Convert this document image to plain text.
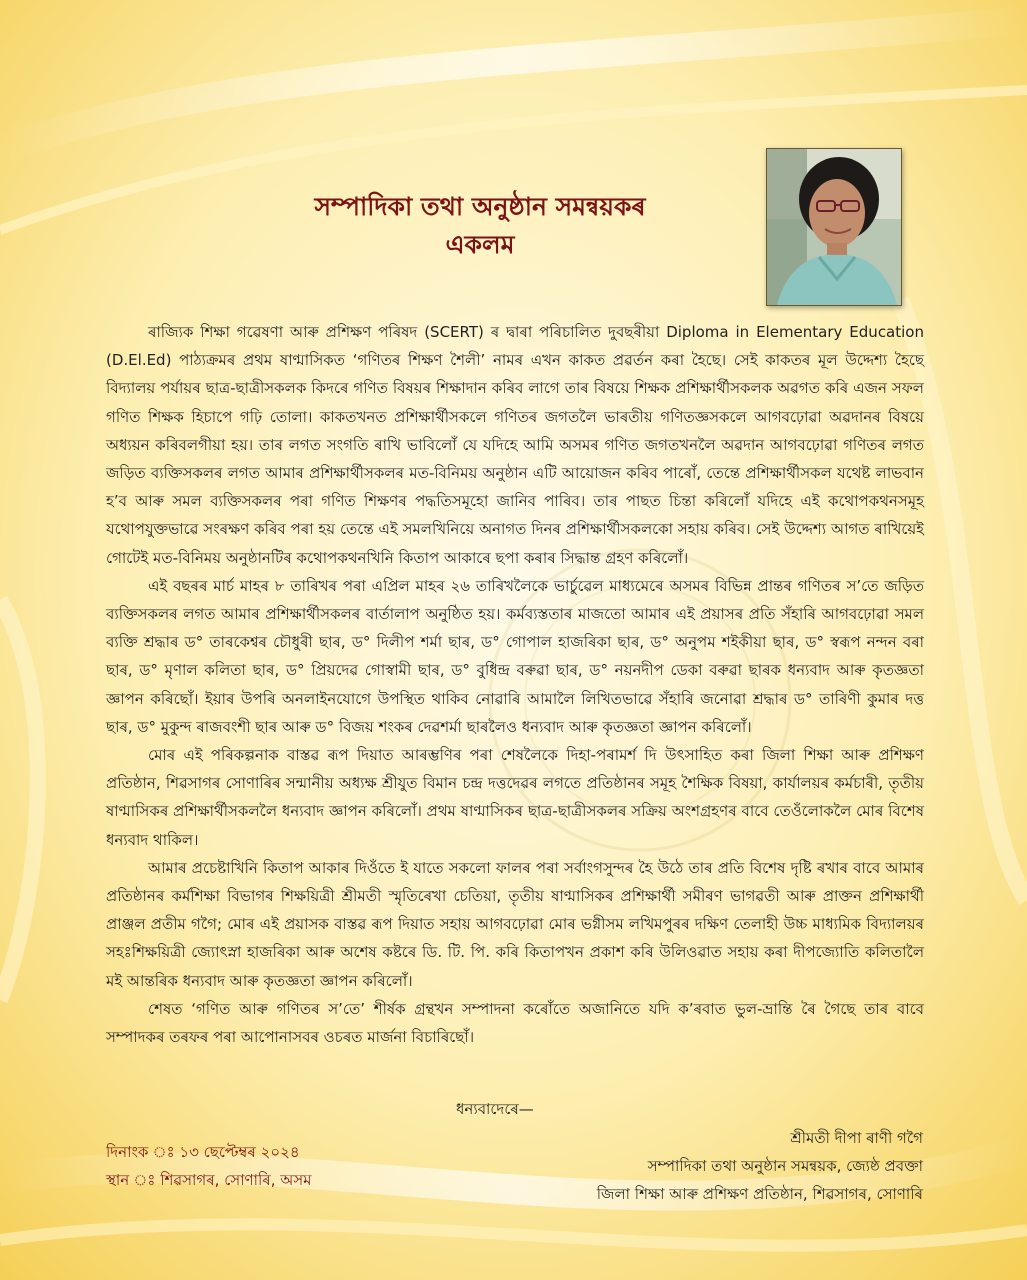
সম্পাদিকা তথা অনুষ্ঠান সমন্বয়কৰ
একলম

ৰাজ্যিক শিক্ষা গৱেষণা আৰু প্ৰশিক্ষণ পৰিষদ (SCERT) ৰ দ্বাৰা পৰিচালিত দুবছৰীয়া Diploma in Elementary Education (D.El.Ed) পাঠ্যক্ৰমৰ প্ৰথম ষাণ্মাসিকত ‘গণিতৰ শিক্ষণ শৈলী’ নামৰ এখন কাকত প্ৰৱৰ্তন কৰা হৈছে। সেই কাকতৰ মূল উদ্দেশ্য হৈছে বিদ্যালয় পৰ্যায়ৰ ছাত্ৰ-ছাত্ৰীসকলক কিদৰে গণিত বিষয়ৰ শিক্ষাদান কৰিব লাগে তাৰ বিষয়ে শিক্ষক প্ৰশিক্ষাৰ্থীসকলক অৱগত কৰি এজন সফল গণিত শিক্ষক হিচাপে গঢ়ি তোলা। কাকতখনত প্ৰশিক্ষাৰ্থীসকলে গণিতৰ জগতলৈ ভাৰতীয় গণিতজ্ঞসকলে আগবঢ়োৱা অৱদানৰ বিষয়ে অধ্যয়ন কৰিবলগীয়া হয়। তাৰ লগত সংগতি ৰাখি ভাবিলোঁ যে যদিহে আমি অসমৰ গণিত জগতখনলৈ অৱদান আগবঢ়োৱা গণিতৰ লগত জড়িত ব্যক্তিসকলৰ লগত আমাৰ প্ৰশিক্ষাৰ্থীসকলৰ মত-বিনিময় অনুষ্ঠান এটি আয়োজন কৰিব পাৰোঁ, তেন্তে প্ৰশিক্ষাৰ্থীসকল যথেষ্ট লাভবান হ’ব আৰু সমল ব্যক্তিসকলৰ পৰা গণিত শিক্ষণৰ পদ্ধতিসমূহো জানিব পাৰিব। তাৰ পাছত চিন্তা কৰিলোঁ যদিহে এই কথোপকথনসমূহ যথোপযুক্তভাৱে সংৰক্ষণ কৰিব পৰা হয় তেন্তে এই সমলখিনিয়ে অনাগত দিনৰ প্ৰশিক্ষাৰ্থীসকলকো সহায় কৰিব। সেই উদ্দেশ্য আগত ৰাখিয়েই গোটেই মত-বিনিময় অনুষ্ঠানটিৰ কথোপকথনখিনি কিতাপ আকাৰে ছপা কৰাৰ সিদ্ধান্ত গ্ৰহণ কৰিলোঁ।

এই বছৰৰ মাৰ্চ মাহৰ ৮ তাৰিখৰ পৰা এপ্ৰিল মাহৰ ২৬ তাৰিখলৈকে ভাৰ্চুৱেল মাধ্যমেৰে অসমৰ বিভিন্ন প্ৰান্তৰ গণিতৰ স’তে জড়িত ব্যক্তিসকলৰ লগত আমাৰ প্ৰশিক্ষাৰ্থীসকলৰ বাৰ্তালাপ অনুষ্ঠিত হয়। কৰ্মব্যস্ততাৰ মাজতো আমাৰ এই প্ৰয়াসৰ প্ৰতি সঁহাৰি আগবঢ়োৱা সমল ব্যক্তি শ্ৰদ্ধাৰ ড° তাৰকেশ্বৰ চৌধুৰী ছাৰ, ড° দিলীপ শৰ্মা ছাৰ, ড° গোপাল হাজৰিকা ছাৰ, ড° অনুপম শইকীয়া ছাৰ, ড° স্বৰূপ নন্দন বৰা ছাৰ, ড° মৃণাল কলিতা ছাৰ, ড° প্ৰিয়দেৱ গোস্বামী ছাৰ, ড° বুধিন্দ্ৰ বৰুৱা ছাৰ, ড° নয়নদীপ ডেকা বৰুৱা ছাৰক ধন্যবাদ আৰু কৃতজ্ঞতা জ্ঞাপন কৰিছোঁ। ইয়াৰ উপৰি অনলাইনযোগে উপস্থিত থাকিব নোৱাৰি আমালৈ লিখিতভাৱে সঁহাৰি জনোৱা শ্ৰদ্ধাৰ ড° তাৰিণী কুমাৰ দত্ত ছাৰ, ড° মুকুন্দ ৰাজবংশী ছাৰ আৰু ড° বিজয় শংকৰ দেৱশৰ্মা ছাৰলৈও ধন্যবাদ আৰু কৃতজ্ঞতা জ্ঞাপন কৰিলোঁ।

মোৰ এই পৰিকল্পনাক বাস্তৱ ৰূপ দিয়াত আৰম্ভণিৰ পৰা শেষলৈকে দিহা-পৰামৰ্শ দি উৎসাহিত কৰা জিলা শিক্ষা আৰু প্ৰশিক্ষণ প্ৰতিষ্ঠান, শিৱসাগৰ সোণাৰিৰ সন্মানীয় অধ্যক্ষ শ্ৰীযুত বিমান চন্দ্ৰ দত্তদেৱৰ লগতে প্ৰতিষ্ঠানৰ সমূহ শৈক্ষিক বিষয়া, কাৰ্যালয়ৰ কৰ্মচাৰী, তৃতীয় ষাণ্মাসিকৰ প্ৰশিক্ষাৰ্থীসকললৈ ধন্যবাদ জ্ঞাপন কৰিলোঁ। প্ৰথম ষাণ্মাসিকৰ ছাত্ৰ-ছাত্ৰীসকলৰ সক্ৰিয় অংশগ্ৰহণৰ বাবে তেওঁলোকলৈ মোৰ বিশেষ ধন্যবাদ থাকিল।

আমাৰ প্ৰচেষ্টাখিনি কিতাপ আকাৰ দিওঁতে ই যাতে সকলো ফালৰ পৰা সৰ্বাংগসুন্দৰ হৈ উঠে তাৰ প্ৰতি বিশেষ দৃষ্টি ৰখাৰ বাবে আমাৰ প্ৰতিষ্ঠানৰ কৰ্মশিক্ষা বিভাগৰ শিক্ষয়িত্ৰী শ্ৰীমতী স্মৃতিৰেখা চেতিয়া, তৃতীয় ষাণ্মাসিকৰ প্ৰশিক্ষাৰ্থী সমীৰণ ভাগৱতী আৰু প্ৰাক্তন প্ৰশিক্ষাৰ্থী প্ৰাঞ্জল প্ৰতীম গগৈ; মোৰ এই প্ৰয়াসক বাস্তৱ ৰূপ দিয়াত সহায় আগবঢ়োৱা মোৰ ভগ্নীসম লখিমপুৰৰ দক্ষিণ তেলাহী উচ্চ মাধ্যমিক বিদ্যালয়ৰ সহঃশিক্ষয়িত্ৰী জ্যোৎস্না হাজৰিকা আৰু অশেষ কষ্টৰে ডি. টি. পি. কৰি কিতাপখন প্ৰকাশ কৰি উলিওৱাত সহায় কৰা দীপজ্যোতি কলিতালৈ মই আন্তৰিক ধন্যবাদ আৰু কৃতজ্ঞতা জ্ঞাপন কৰিলোঁ।

শেষত ‘গণিত আৰু গণিতৰ স’তে’ শীৰ্ষক গ্ৰন্থখন সম্পাদনা কৰোঁতে অজানিতে যদি ক’ৰবাত ভুল-ভ্ৰান্তি ৰৈ গৈছে তাৰ বাবে সম্পাদকৰ তৰফৰ পৰা আপোনাসবৰ ওচৰত মাৰ্জনা বিচাৰিছোঁ।

ধন্যবাদেৰে—
দিনাংক ঃ ১৩ ছেপ্টেম্বৰ ২০২৪
স্থান ঃ শিৱসাগৰ, সোণাৰি, অসম
শ্ৰীমতী দীপা ৰাণী গগৈ
সম্পাদিকা তথা অনুষ্ঠান সমন্বয়ক, জ্যেষ্ঠ প্ৰবক্তা
জিলা শিক্ষা আৰু প্ৰশিক্ষণ প্ৰতিষ্ঠান, শিৱসাগৰ, সোণাৰি
